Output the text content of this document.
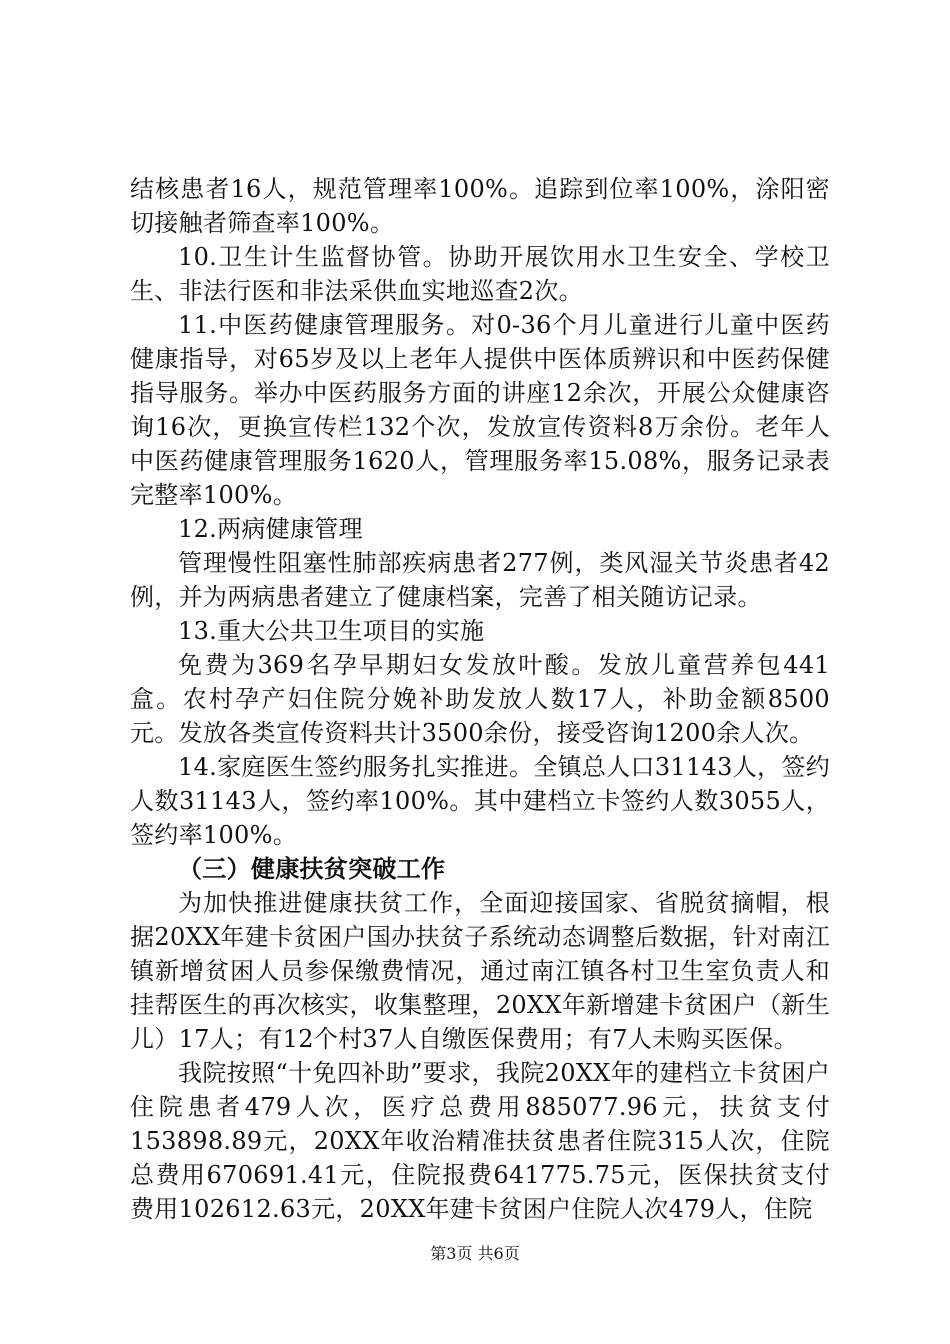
结核患者16人，规范管理率100%。追踪到位率100%，涂阳密切接触者筛查率100%。

10.卫生计生监督协管。协助开展饮用水卫生安全、学校卫生、非法行医和非法采供血实地巡查2次。

11.中医药健康管理服务。对0-36个月儿童进行儿童中医药健康指导，对65岁及以上老年人提供中医体质辨识和中医药保健指导服务。举办中医药服务方面的讲座12余次，开展公众健康咨询16次，更换宣传栏132个次，发放宣传资料8万余份。老年人中医药健康管理服务1620人，管理服务率15.08%，服务记录表完整率100%。

12.两病健康管理

管理慢性阻塞性肺部疾病患者277例，类风湿关节炎患者42例，并为两病患者建立了健康档案，完善了相关随访记录。

13.重大公共卫生项目的实施

免费为369名孕早期妇女发放叶酸。发放儿童营养包441盒。农村孕产妇住院分娩补助发放人数17人，补助金额8500元。发放各类宣传资料共计3500余份，接受咨询1200余人次。

14.家庭医生签约服务扎实推进。全镇总人口31143人，签约人数31143人，签约率100%。其中建档立卡签约人数3055人，签约率100%。

（三）健康扶贫突破工作

为加快推进健康扶贫工作，全面迎接国家、省脱贫摘帽，根据20XX年建卡贫困户国办扶贫子系统动态调整后数据，针对南江镇新增贫困人员参保缴费情况，通过南江镇各村卫生室负责人和挂帮医生的再次核实，收集整理，20XX年新增建卡贫困户（新生儿）17人；有12个村37人自缴医保费用；有7人未购买医保。

我院按照“十免四补助”要求，我院20XX年的建档立卡贫困户住院患者479人次，医疗总费用885077.96元，扶贫支付153898.89元，20XX年收治精准扶贫患者住院315人次，住院总费用670691.41元，住院报费641775.75元，医保扶贫支付费用102612.63元，20XX年建卡贫困户住院人次479人，住院

第3页 共6页
